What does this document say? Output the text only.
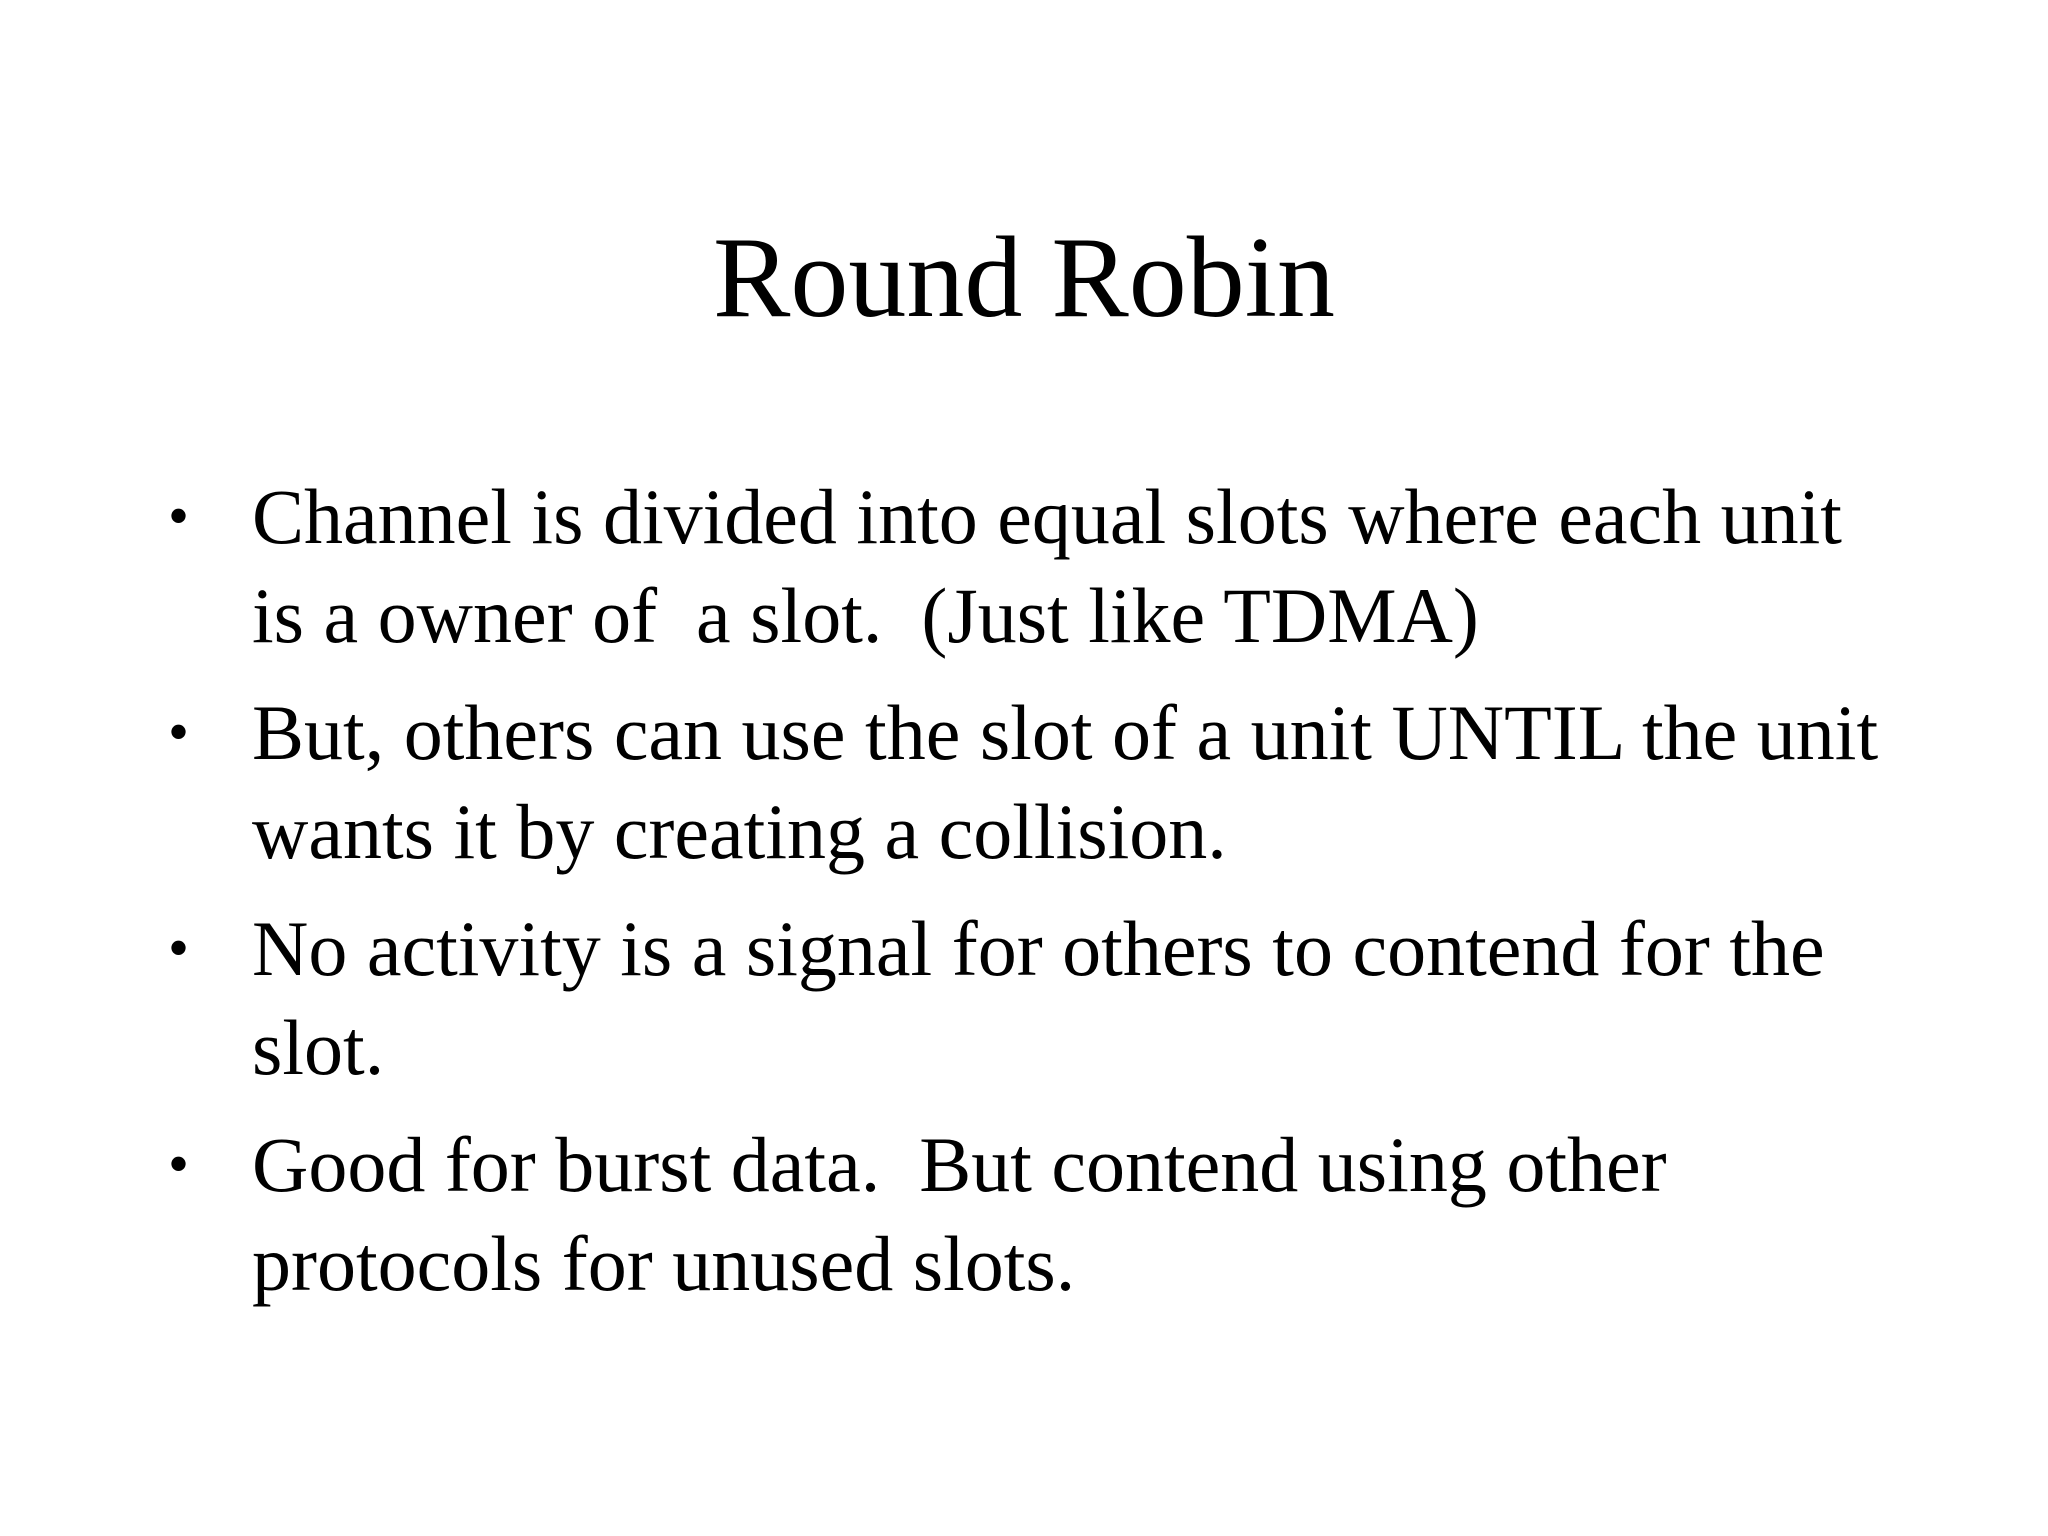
Round Robin
• Channel is divided into equal slots where each unit is a owner of  a slot.  (Just like TDMA)
• But, others can use the slot of a unit UNTIL the unit wants it by creating a collision.
• No activity is a signal for others to contend for the slot.
• Good for burst data.  But contend using other protocols for unused slots.
